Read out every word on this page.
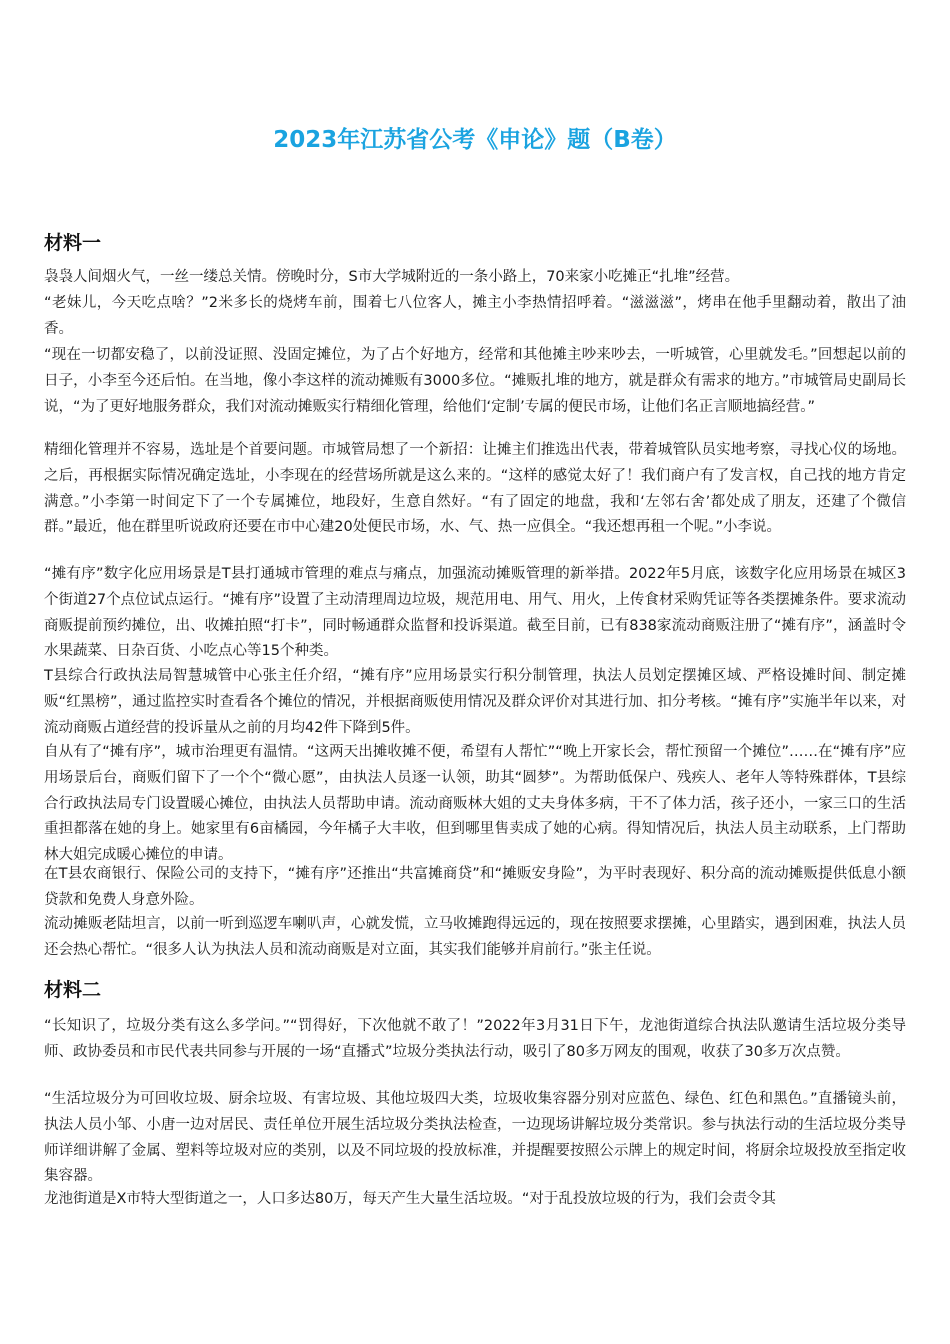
2023年江苏省公考《申论》题（B卷）
材料一
袅袅人间烟火气，一丝一缕总关情。傍晚时分，S市大学城附近的一条小路上，70来家小吃摊正“扎堆”经营。
“老妹儿，今天吃点啥？”2米多长的烧烤车前，围着七八位客人，摊主小李热情招呼着。“滋滋滋”，烤串在他手里翻动着，散出了油香。
“现在一切都安稳了，以前没证照、没固定摊位，为了占个好地方，经常和其他摊主吵来吵去，一听城管，心里就发毛。”回想起以前的日子，小李至今还后怕。在当地，像小李这样的流动摊贩有3000多位。“摊贩扎堆的地方，就是群众有需求的地方。”市城管局史副局长说，“为了更好地服务群众，我们对流动摊贩实行精细化管理，给他们‘定制’专属的便民市场，让他们名正言顺地搞经营。”
精细化管理并不容易，选址是个首要问题。市城管局想了一个新招：让摊主们推选出代表，带着城管队员实地考察，寻找心仪的场地。之后，再根据实际情况确定选址，小李现在的经营场所就是这么来的。“这样的感觉太好了！我们商户有了发言权，自己找的地方肯定满意。”小李第一时间定下了一个专属摊位，地段好，生意自然好。“有了固定的地盘，我和‘左邻右舍’都处成了朋友，还建了个微信群。”最近，他在群里听说政府还要在市中心建20处便民市场，水、气、热一应俱全。“我还想再租一个呢。”小李说。
“摊有序”数字化应用场景是T县打通城市管理的难点与痛点，加强流动摊贩管理的新举措。2022年5月底，该数字化应用场景在城区3个街道27个点位试点运行。“摊有序”设置了主动清理周边垃圾，规范用电、用气、用火，上传食材采购凭证等各类摆摊条件。要求流动商贩提前预约摊位，出、收摊拍照“打卡”，同时畅通群众监督和投诉渠道。截至目前，已有838家流动商贩注册了“摊有序”，涵盖时令水果蔬菜、日杂百货、小吃点心等15个种类。
T县综合行政执法局智慧城管中心张主任介绍，“摊有序”应用场景实行积分制管理，执法人员划定摆摊区域、严格设摊时间、制定摊贩“红黑榜”，通过监控实时查看各个摊位的情况，并根据商贩使用情况及群众评价对其进行加、扣分考核。“摊有序”实施半年以来，对流动商贩占道经营的投诉量从之前的月均42件下降到5件。
自从有了“摊有序”，城市治理更有温情。“这两天出摊收摊不便，希望有人帮忙”“晚上开家长会，帮忙预留一个摊位”……在“摊有序”应用场景后台，商贩们留下了一个个“微心愿”，由执法人员逐一认领，助其“圆梦”。为帮助低保户、残疾人、老年人等特殊群体，T县综合行政执法局专门设置暖心摊位，由执法人员帮助申请。流动商贩林大姐的丈夫身体多病，干不了体力活，孩子还小，一家三口的生活重担都落在她的身上。她家里有6亩橘园，今年橘子大丰收，但到哪里售卖成了她的心病。得知情况后，执法人员主动联系，上门帮助林大姐完成暖心摊位的申请。
在T县农商银行、保险公司的支持下，“摊有序”还推出“共富摊商贷”和“摊贩安身险”，为平时表现好、积分高的流动摊贩提供低息小额贷款和免费人身意外险。
流动摊贩老陆坦言，以前一听到巡逻车喇叭声，心就发慌，立马收摊跑得远远的，现在按照要求摆摊，心里踏实，遇到困难，执法人员还会热心帮忙。“很多人认为执法人员和流动商贩是对立面，其实我们能够并肩前行。”张主任说。
材料二
“长知识了，垃圾分类有这么多学问。”“罚得好，下次他就不敢了！”2022年3月31日下午，龙池街道综合执法队邀请生活垃圾分类导师、政协委员和市民代表共同参与开展的一场“直播式”垃圾分类执法行动，吸引了80多万网友的围观，收获了30多万次点赞。
“生活垃圾分为可回收垃圾、厨余垃圾、有害垃圾、其他垃圾四大类，垃圾收集容器分别对应蓝色、绿色、红色和黑色。”直播镜头前，执法人员小邹、小唐一边对居民、责任单位开展生活垃圾分类执法检查，一边现场讲解垃圾分类常识。参与执法行动的生活垃圾分类导师详细讲解了金属、塑料等垃圾对应的类别，以及不同垃圾的投放标准，并提醒要按照公示牌上的规定时间，将厨余垃圾投放至指定收集容器。
龙池街道是X市特大型街道之一，人口多达80万，每天产生大量生活垃圾。“对于乱投放垃圾的行为，我们会责令其
